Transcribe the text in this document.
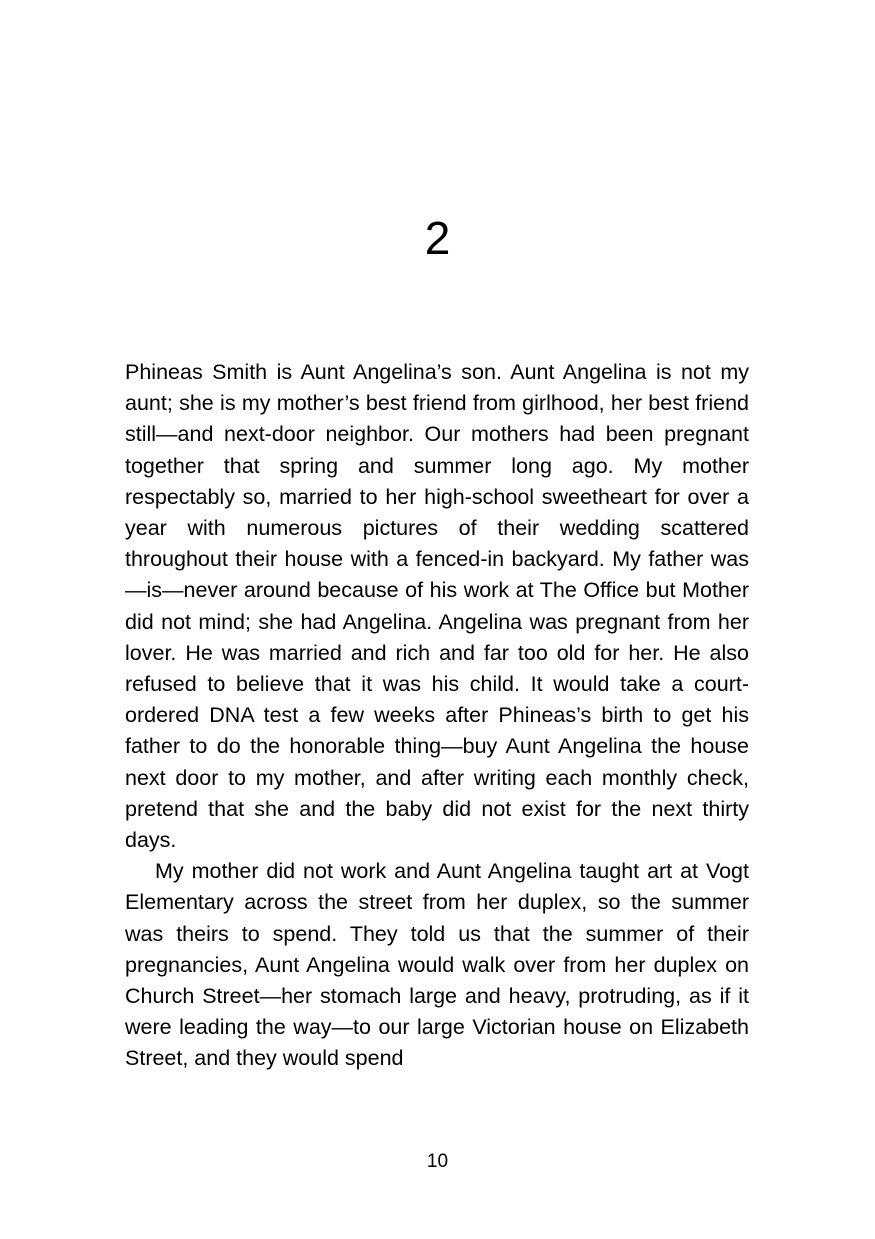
2

Phineas Smith is Aunt Angelina’s son. Aunt Angelina is not my aunt; she is my mother’s best friend from girlhood, her best friend still—and next-door neighbor. Our mothers had been pregnant together that spring and summer long ago. My mother respectably so, married to her high-school sweetheart for over a year with numerous pictures of their wedding scattered throughout their house with a fenced-in backyard. My father was—is—never around because of his work at The Office but Mother did not mind; she had Angelina. Angelina was pregnant from her lover. He was married and rich and far too old for her. He also refused to believe that it was his child. It would take a court-ordered DNA test a few weeks after Phineas’s birth to get his father to do the honorable thing—buy Aunt Angelina the house next door to my mother, and after writing each monthly check, pretend that she and the baby did not exist for the next thirty days.

My mother did not work and Aunt Angelina taught art at Vogt Elementary across the street from her duplex, so the summer was theirs to spend. They told us that the summer of their pregnancies, Aunt Angelina would walk over from her duplex on Church Street—her stomach large and heavy, protruding, as if it were leading the way—to our large Victorian house on Elizabeth Street, and they would spend

10
